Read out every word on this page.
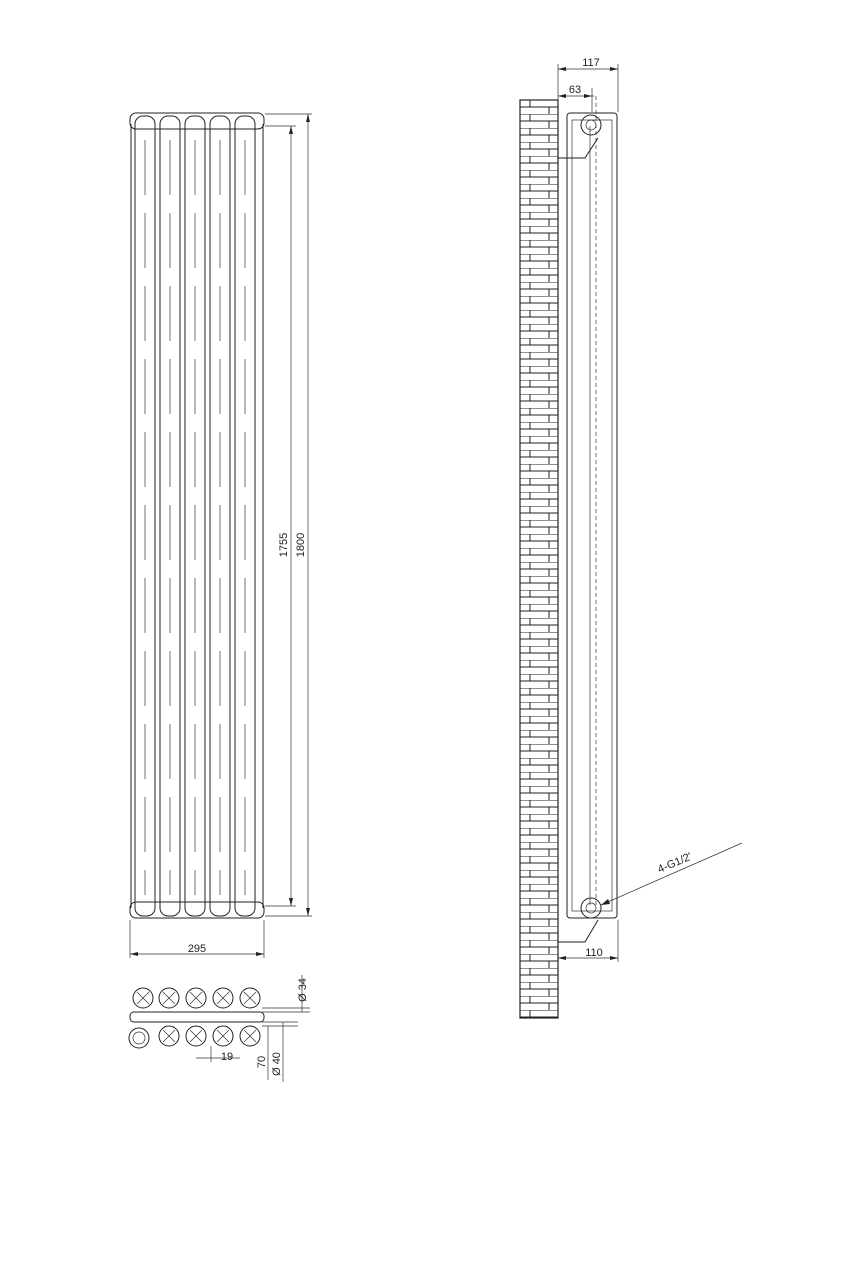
1755 1800
295
Ø 34
70 Ø 40
19
117
63
110
4-G1/2'
